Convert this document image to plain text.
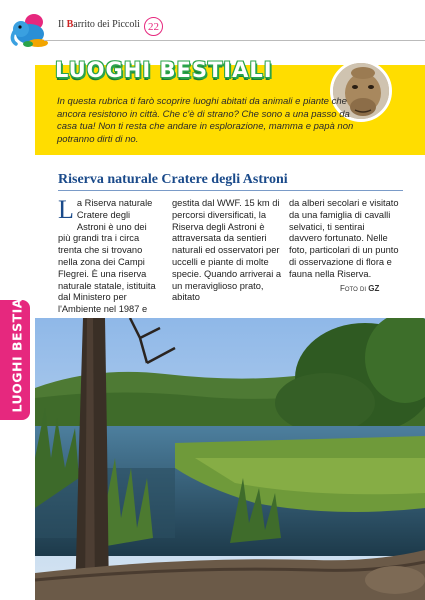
Il Barrito dei Piccoli 22
LUOGHI BESTIALI

In questa rubrica ti farò scoprire luoghi abitati da animali e piante che ancora resistono in città. Che c'è di strano? Che sono a una passo da casa tua! Non ti resta che andare in esplorazione, mamma e papà non potranno dirti di no.

Riserva naturale Cratere degli Astroni

La Riserva naturale Cratere degli Astroni è uno dei più grandi tra i circa trenta che si trovano nella zona dei Campi Flegrei. È una riserva naturale statale, istituita dal Ministero per l'Ambiente nel 1987 e

gestita dal WWF. 15 km di percorsi diversificati, la Riserva degli Astroni è attraversata da sentieri naturali ed osservatori per uccelli e piante di molte specie. Quando arriverai a un meraviglioso prato, abitato

da alberi secolari e visitato da una famiglia di cavalli selvatici, ti sentirai davvero fortunato. Nelle foto, particolari di un punto di osservazione di flora e fauna nella Riserva.

Foto di GZ
LUOGHI BESTIALI
